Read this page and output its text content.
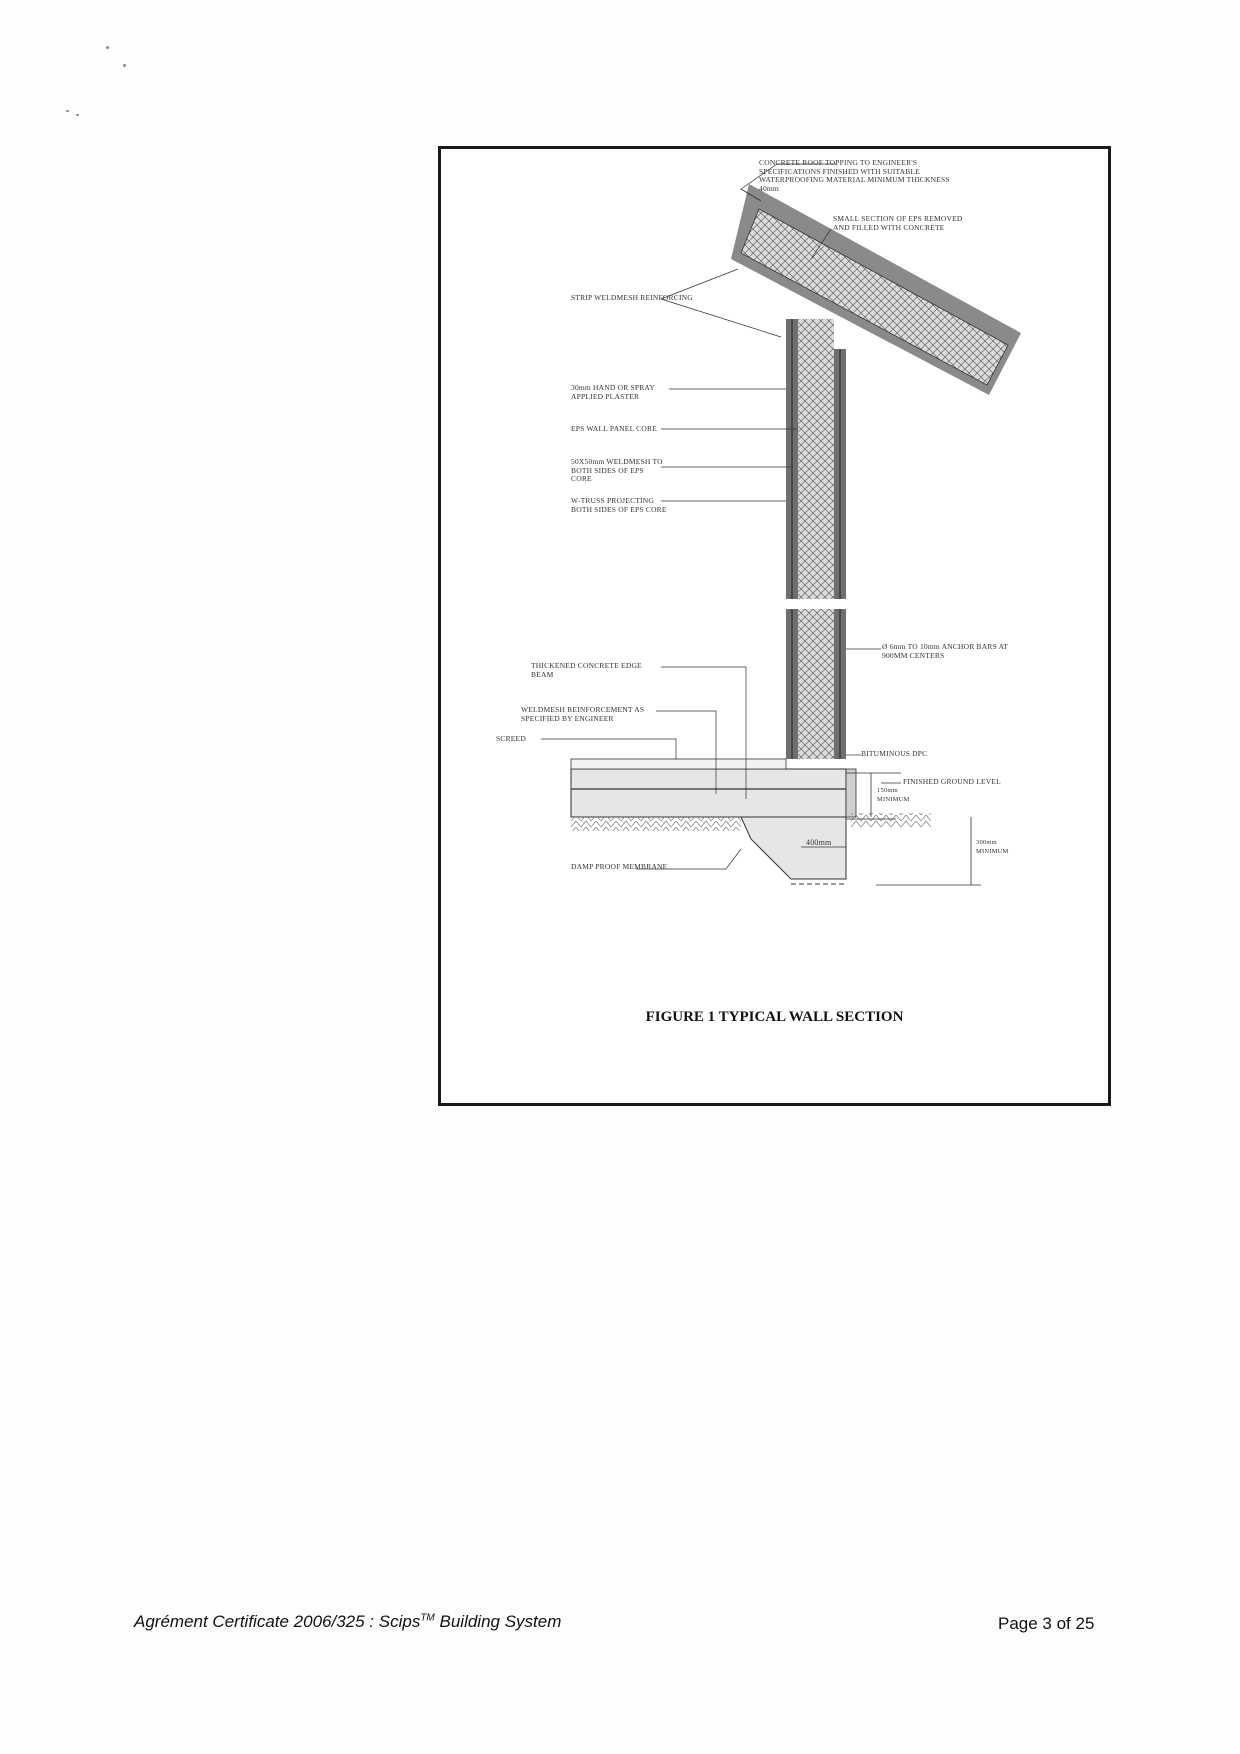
CONCRETE ROOF TOPPING TO ENGINEER'S
SPECIFICATIONS FINISHED WITH SUITABLE
WATERPROOFING MATERIAL MINIMUM THICKNESS
40mm
SMALL SECTION OF EPS REMOVED
AND FILLED WITH CONCRETE
STRIP WELDMESH REINFORCING
30mm HAND OR SPRAY
APPLIED PLASTER
EPS WALL PANEL CORE
50X50mm WELDMESH TO
BOTH SIDES OF EPS
CORE
W-TRUSS PROJECTING
BOTH SIDES OF EPS CORE
Ø 6mm TO 10mm ANCHOR BARS AT
900MM CENTERS
THICKENED CONCRETE EDGE
BEAM
WELDMESH REINFORCEMENT AS
SPECIFIED BY ENGINEER
SCREED
BITUMINOUS DPC
FINISHED GROUND LEVEL
150mm
MINIMUM
400mm	300mm
MINIMUM
DAMP PROOF MEMBRANE
FIGURE 1 TYPICAL WALL SECTION
Agrément Certificate 2006/325 : Scips™ Building System	Page 3 of 25
